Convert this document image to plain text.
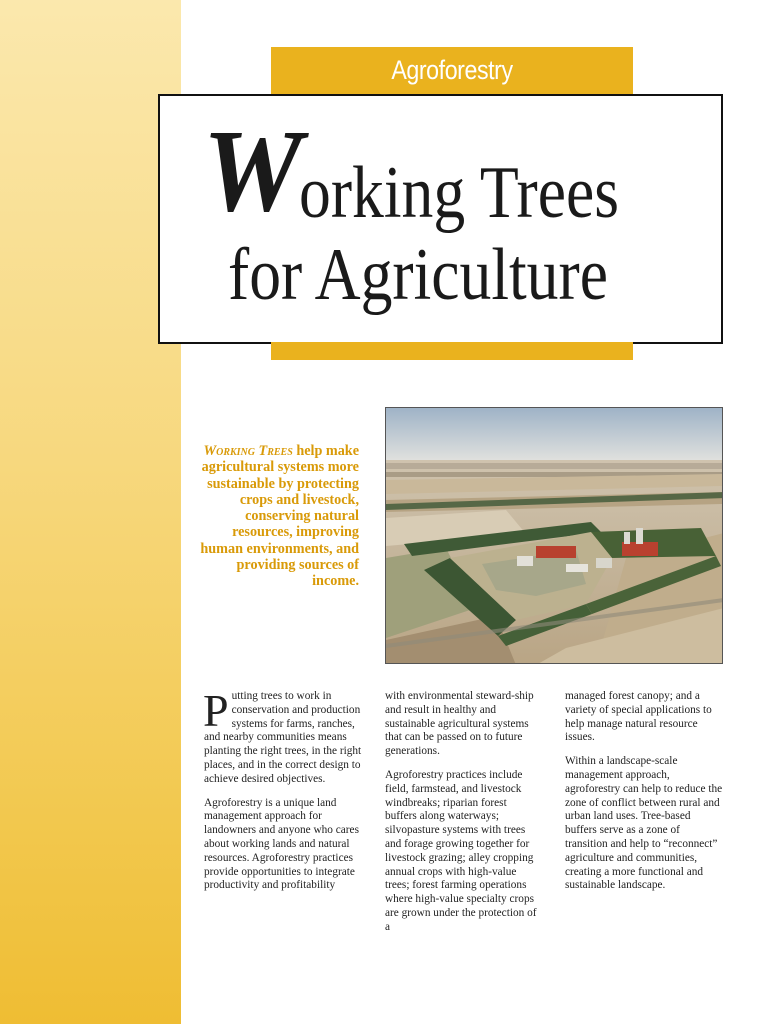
Agroforestry
Working Trees
for Agriculture
Working Trees help make agricultural systems more sustainable by protecting crops and livestock, conserving natural resources, improving human environments, and providing sources of income.

Putting trees to work in conservation and production systems for farms, ranches, and nearby communities means planting the right trees, in the right places, and in the correct design to achieve desired objectives.

Agroforestry is a unique land management approach for landowners and anyone who cares about working lands and natural resources. Agroforestry practices provide opportunities to integrate productivity and profitability

with environmental steward-ship and result in healthy and sustainable agricultural systems that can be passed on to future generations.

Agroforestry practices include field, farmstead, and livestock windbreaks; riparian forest buffers along waterways; silvopasture systems with trees and forage growing together for livestock grazing; alley cropping annual crops with high-value trees; forest farming operations where high-value specialty crops are grown under the protection of a

managed forest canopy; and a variety of special applications to help manage natural resource issues.

Within a landscape-scale management approach, agroforestry can help to reduce the zone of conflict between rural and urban land uses. Tree-based buffers serve as a zone of transition and help to “reconnect” agriculture and communities, creating a more functional and sustainable landscape.
